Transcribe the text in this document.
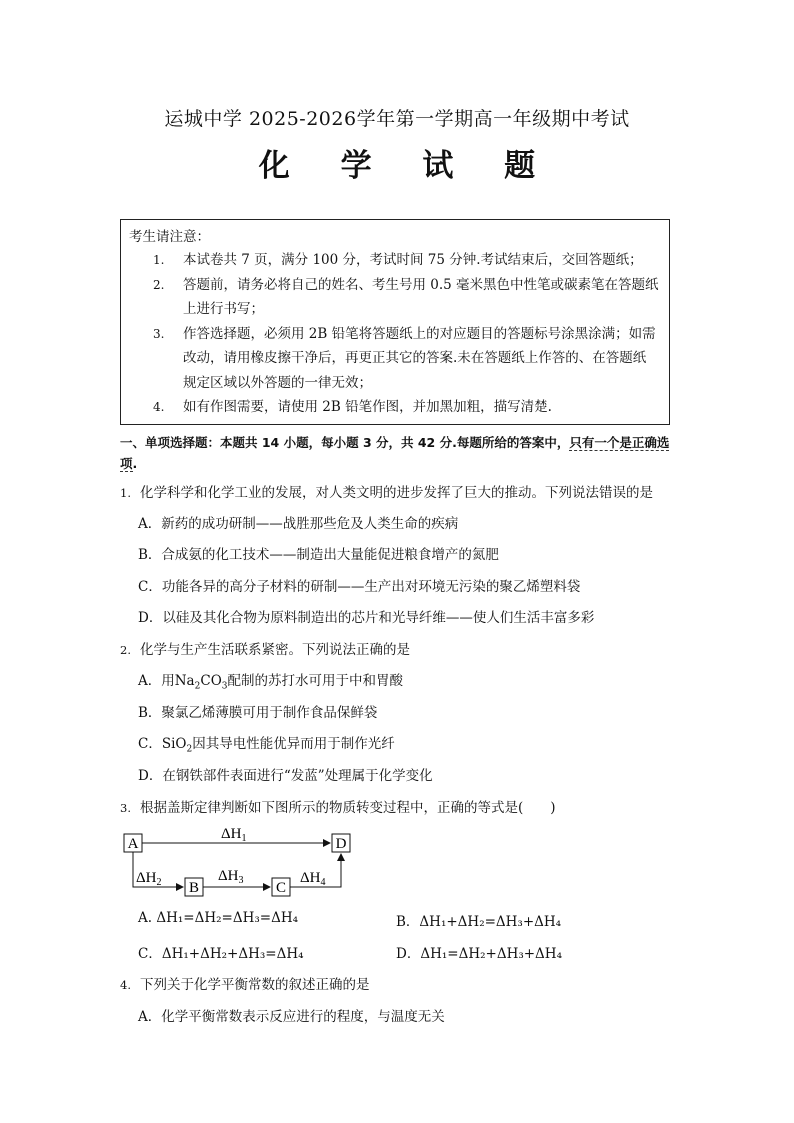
运城中学 2025-2026学年第一学期高一年级期中考试
化 学 试 题
考生请注意：
1.	本试卷共 7 页，满分 100 分，考试时间 75 分钟.考试结束后，交回答题纸；
2.	答题前，请务必将自己的姓名、考生号用 0.5 毫米黑色中性笔或碳素笔在答题纸上进行书写；
3.	作答选择题，必须用 2B 铅笔将答题纸上的对应题目的答题标号涂黑涂满；如需改动，请用橡皮擦干净后，再更正其它的答案.未在答题纸上作答的、在答题纸规定区域以外答题的一律无效；
4.	如有作图需要，请使用 2B 铅笔作图，并加黑加粗，描写清楚.
一、单项选择题：本题共 14 小题，每小题 3 分，共 42 分.每题所给的答案中，只有一个是正确选项.
1. 化学科学和化学工业的发展，对人类文明的进步发挥了巨大的推动。下列说法错误的是
A．新药的成功研制——战胜那些危及人类生命的疾病
B．合成氨的化工技术——制造出大量能促进粮食增产的氮肥
C．功能各异的高分子材料的研制——生产出对环境无污染的聚乙烯塑料袋
D．以硅及其化合物为原料制造出的芯片和光导纤维——使人们生活丰富多彩
2. 化学与生产生活联系紧密。下列说法正确的是
A．用$Na_2CO_3$配制的苏打水可用于中和胃酸
B．聚氯乙烯薄膜可用于制作食品保鲜袋
C．SiO$_2$因其导电性能优异而用于制作光纤
D．在钢铁部件表面进行“发蓝”处理属于化学变化
3. 根据盖斯定律判断如下图所示的物质转变过程中，正确的等式是(　　)
A	D
B	C
$\Delta H_1$
$\Delta H_2$	$\Delta H_3$	$\Delta H_4$
A. ΔH₁=ΔH₂=ΔH₃=ΔH₄	B．ΔH₁+ΔH₂=ΔH₃+ΔH₄
C．ΔH₁+ΔH₂+ΔH₃=ΔH₄	D．ΔH₁=ΔH₂+ΔH₃+ΔH₄
4. 下列关于化学平衡常数的叙述正确的是
A．化学平衡常数表示反应进行的程度，与温度无关
